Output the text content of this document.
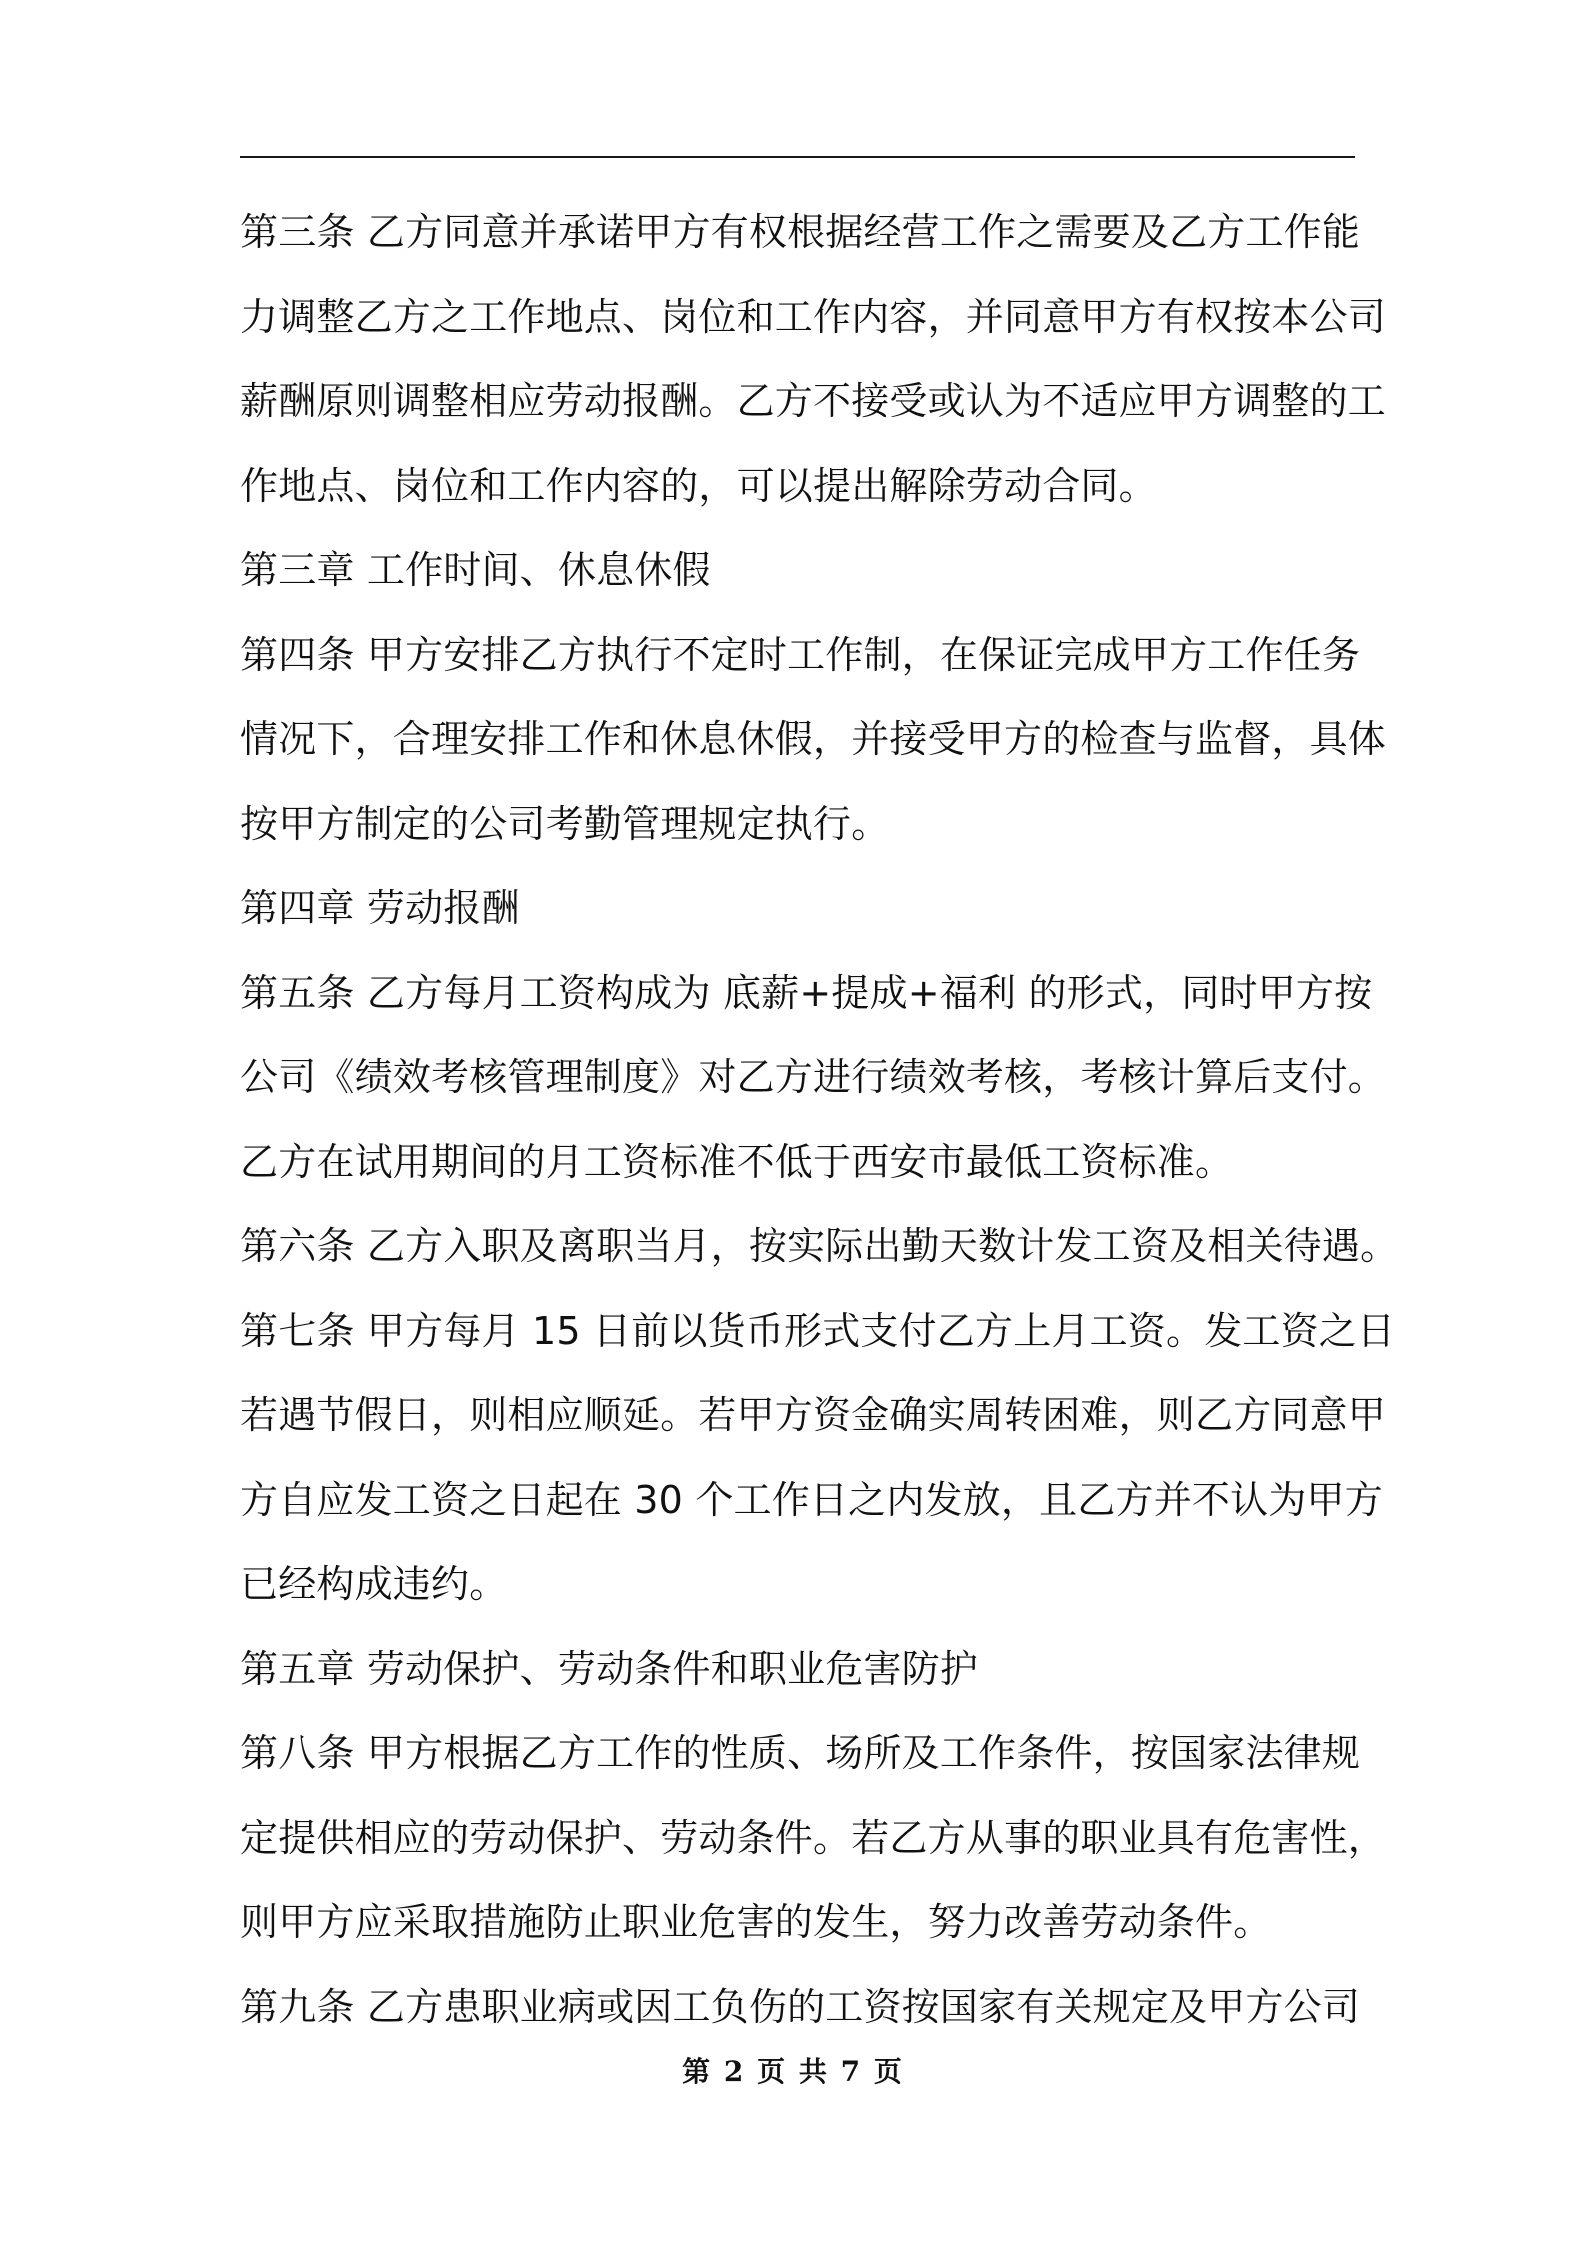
第三条 乙方同意并承诺甲方有权根据经营工作之需要及乙方工作能
力调整乙方之工作地点、岗位和工作内容，并同意甲方有权按本公司
薪酬原则调整相应劳动报酬。乙方不接受或认为不适应甲方调整的工
作地点、岗位和工作内容的，可以提出解除劳动合同。
第三章 工作时间、休息休假
第四条 甲方安排乙方执行不定时工作制，在保证完成甲方工作任务
情况下，合理安排工作和休息休假，并接受甲方的检查与监督，具体
按甲方制定的公司考勤管理规定执行。
第四章 劳动报酬
第五条 乙方每月工资构成为 底薪+提成+福利 的形式，同时甲方按
公司《绩效考核管理制度》对乙方进行绩效考核，考核计算后支付。
乙方在试用期间的月工资标准不低于西安市最低工资标准。
第六条 乙方入职及离职当月，按实际出勤天数计发工资及相关待遇。
第七条 甲方每月 15 日前以货币形式支付乙方上月工资。发工资之日
若遇节假日，则相应顺延。若甲方资金确实周转困难，则乙方同意甲
方自应发工资之日起在 30 个工作日之内发放，且乙方并不认为甲方
已经构成违约。
第五章 劳动保护、劳动条件和职业危害防护
第八条 甲方根据乙方工作的性质、场所及工作条件，按国家法律规
定提供相应的劳动保护、劳动条件。若乙方从事的职业具有危害性，
则甲方应采取措施防止职业危害的发生，努力改善劳动条件。
第九条 乙方患职业病或因工负伤的工资按国家有关规定及甲方公司
第 2 页 共 7 页
